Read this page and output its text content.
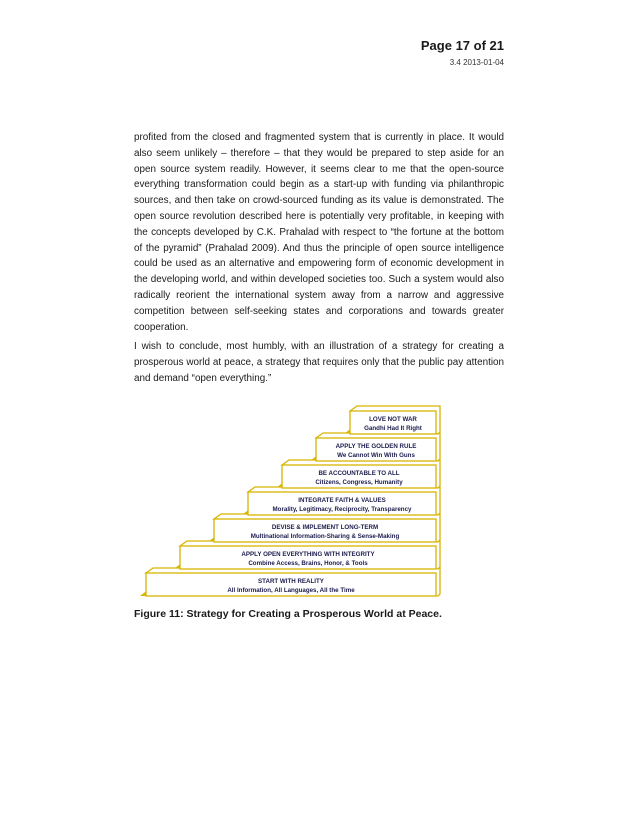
Page 17 of 21
3.4 2013-01-04

profited from the closed and fragmented system that is currently in place. It would also seem unlikely – therefore – that they would be prepared to step aside for an open source system readily. However, it seems clear to me that the open-source everything transformation could begin as a start-up with funding via philanthropic sources, and then take on crowd-sourced funding as its value is demonstrated. The open source revolution described here is potentially very profitable, in keeping with the concepts developed by C.K. Prahalad with respect to “the fortune at the bottom of the pyramid” (Prahalad 2009). And thus the principle of open source intelligence could be used as an alternative and empowering form of economic development in the developing world, and within developed societies too. Such a system would also radically reorient the international system away from a narrow and aggressive competition between self-seeking states and corporations and towards greater cooperation.

I wish to conclude, most humbly, with an illustration of a strategy for creating a prosperous world at peace, a strategy that requires only that the public pay attention and demand “open everything.”

START WITH REALITY
All Information, All Languages, All the Time
APPLY OPEN EVERYTHING WITH INTEGRITY
Combine Access, Brains, Honor, & Tools
DEVISE & IMPLEMENT LONG-TERM
Multinational Information-Sharing & Sense-Making
INTEGRATE FAITH & VALUES
Morality, Legitimacy, Reciprocity, Transparency
BE ACCOUNTABLE TO ALL
Citizens, Congress, Humanity
APPLY THE GOLDEN RULE
We Cannot Win With Guns
LOVE NOT WAR
Gandhi Had It Right
Figure 11: Strategy for Creating a Prosperous World at Peace.
